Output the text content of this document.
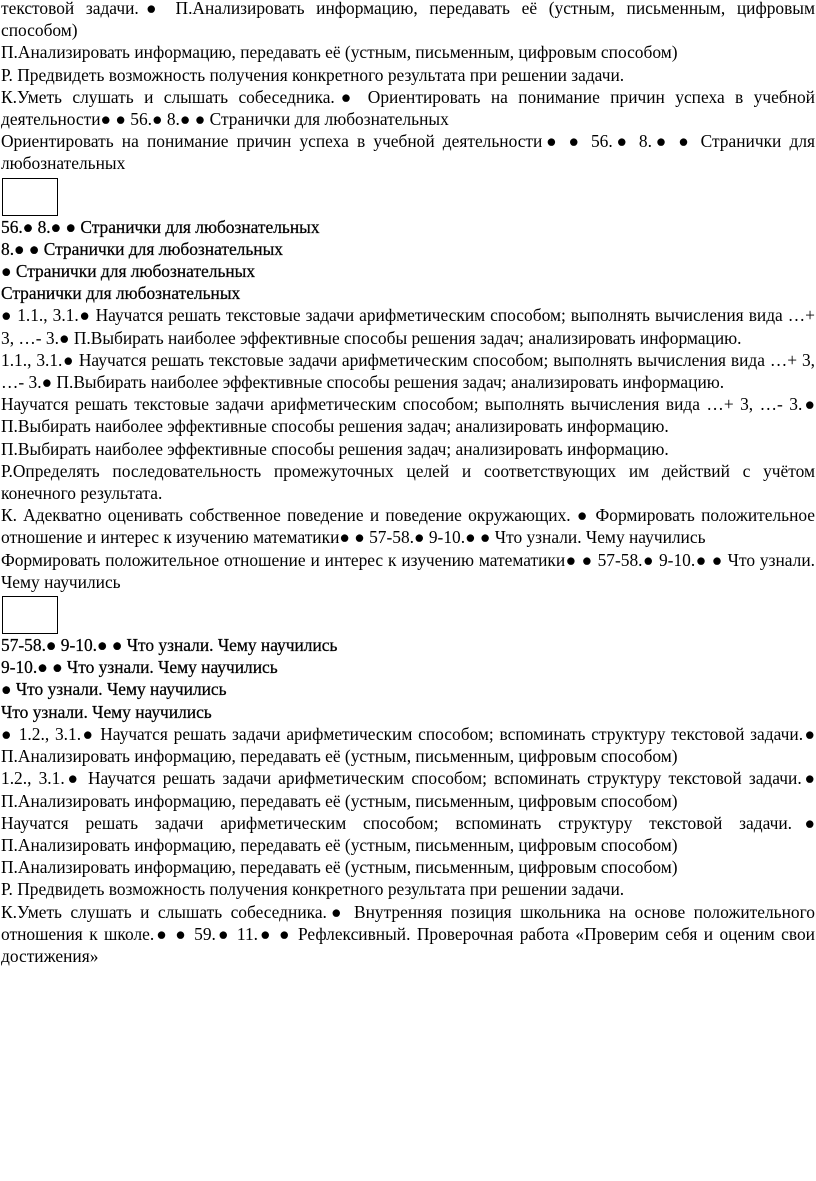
текстовой задачи.● П.Анализировать информацию, передавать её (устным, письменным, цифровым способом)

П.Анализировать информацию, передавать её (устным, письменным, цифровым способом)

Р. Предвидеть возможность получения конкретного результата при решении задачи.

К.Уметь слушать и слышать собеседника.● Ориентировать на понимание причин успеха в учебной деятельности● ● 56.● 8.● ● Странички для любознательных

Ориентировать на понимание причин успеха в учебной деятельности● ● 56.● 8.● ● Странички для любознательных

56.● 8.● ● Странички для любознательных

8.● ● Странички для любознательных

● Странички для любознательных

Странички для любознательных

● 1.1., 3.1.● Научатся решать текстовые задачи арифметическим способом; выполнять вычисления вида …+ 3, …- 3.● П.Выбирать наиболее эффективные способы решения задач; анализировать информацию.

1.1., 3.1.● Научатся решать текстовые задачи арифметическим способом; выполнять вычисления вида …+ 3, …- 3.● П.Выбирать наиболее эффективные способы решения задач; анализировать информацию.

Научатся решать текстовые задачи арифметическим способом; выполнять вычисления вида …+ 3, …- 3.● П.Выбирать наиболее эффективные способы решения задач; анализировать информацию.

П.Выбирать наиболее эффективные способы решения задач; анализировать информацию.

Р.Определять последовательность промежуточных целей и соответствующих им действий с учётом конечного результата.

К. Адекватно оценивать собственное поведение и поведение окружающих. ● Формировать положительное отношение и интерес к изучению математики● ● 57-58.● 9-10.● ● Что узнали. Чему научились

Формировать положительное отношение и интерес к изучению математики● ● 57-58.● 9-10.● ● Что узнали. Чему научились

57-58.● 9-10.● ● Что узнали. Чему научились

9-10.● ● Что узнали. Чему научились

● Что узнали. Чему научились

Что узнали. Чему научились

● 1.2., 3.1.● Научатся решать задачи арифметическим способом; вспоминать структуру текстовой задачи.● П.Анализировать информацию, передавать её (устным, письменным, цифровым способом)

1.2., 3.1.● Научатся решать задачи арифметическим способом; вспоминать структуру текстовой задачи.● П.Анализировать информацию, передавать её (устным, письменным, цифровым способом)

Научатся решать задачи арифметическим способом; вспоминать структуру текстовой задачи.● П.Анализировать информацию, передавать её (устным, письменным, цифровым способом)

П.Анализировать информацию, передавать её (устным, письменным, цифровым способом)

Р. Предвидеть возможность получения конкретного результата при решении задачи.

К.Уметь слушать и слышать собеседника.● Внутренняя позиция школьника на основе положительного отношения к школе.● ● 59.● 11.● ● Рефлексивный. Проверочная работа «Проверим себя и оценим свои достижения»
